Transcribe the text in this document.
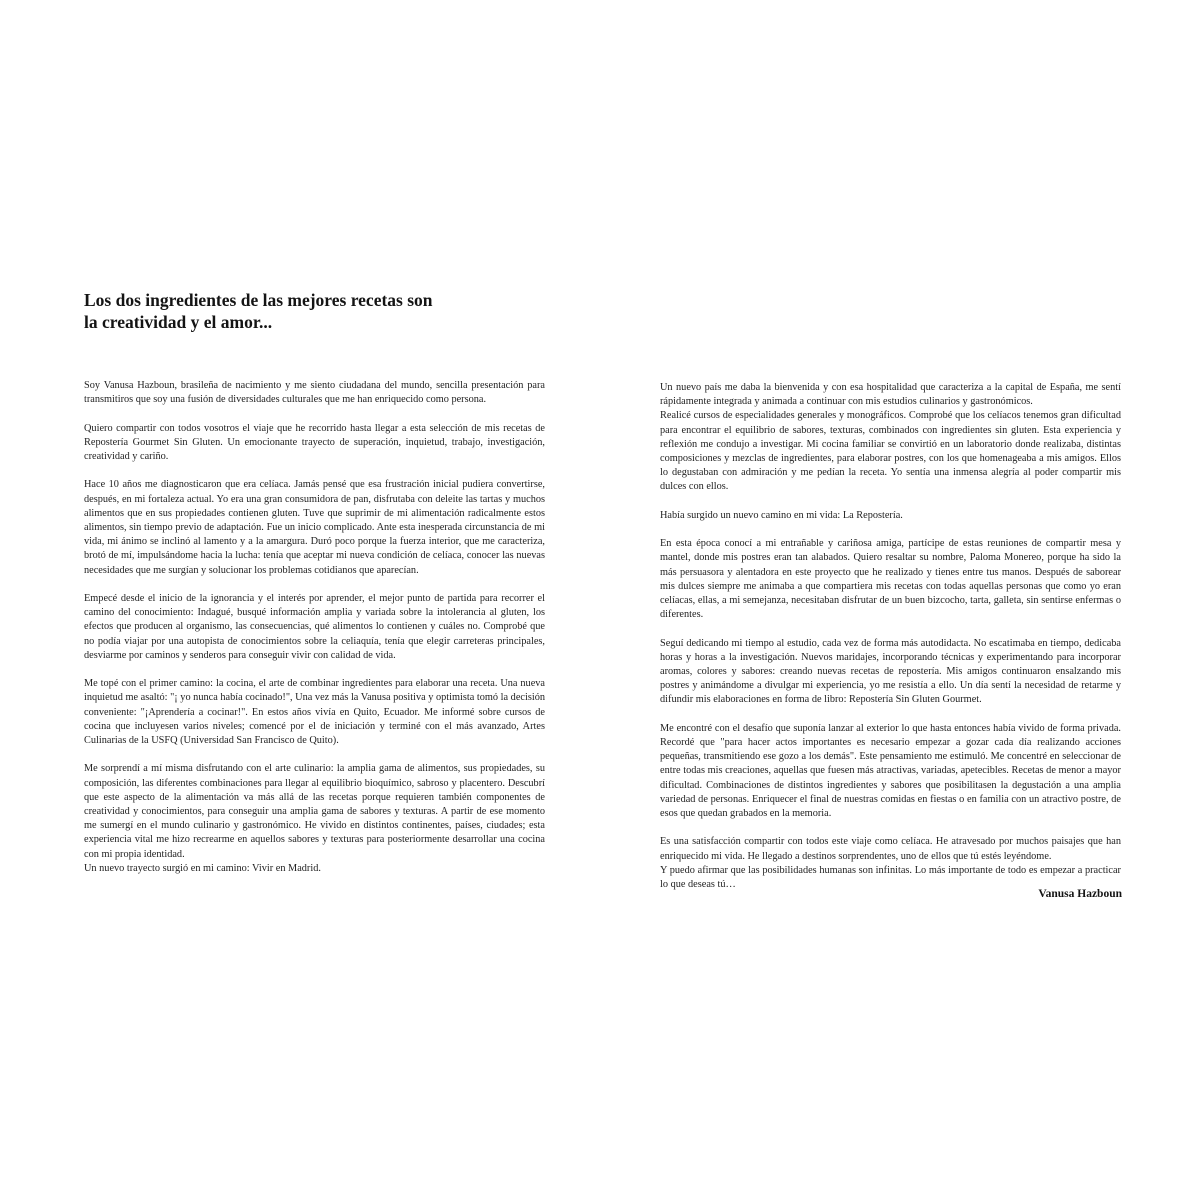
Los dos ingredientes de las mejores recetas son
la creatividad y el amor...

Soy Vanusa Hazboun, brasileña de nacimiento y me siento ciudadana del mundo, sencilla presentación para transmitiros que soy una fusión de diversidades culturales que me han enriquecido como persona.

Quiero compartir con todos vosotros el viaje que he recorrido hasta llegar a esta selección de mis recetas de Repostería Gourmet Sin Gluten. Un emocionante trayecto de superación, inquietud, trabajo, investigación, creatividad y cariño.

Hace 10 años me diagnosticaron que era celíaca. Jamás pensé que esa frustración inicial pudiera convertirse, después, en mi fortaleza actual. Yo era una gran consumidora de pan, disfrutaba con deleite las tartas y muchos alimentos que en sus propiedades contienen gluten. Tuve que suprimir de mi alimentación radicalmente estos alimentos, sin tiempo previo de adaptación. Fue un inicio complicado. Ante esta inesperada circunstancia de mi vida, mi ánimo se inclinó al lamento y a la amargura. Duró poco porque la fuerza interior, que me caracteriza, brotó de mí, impulsándome hacia la lucha: tenía que aceptar mi nueva condición de celíaca, conocer las nuevas necesidades que me surgían y solucionar los problemas cotidianos que aparecían.

Empecé desde el inicio de la ignorancia y el interés por aprender, el mejor punto de partida para recorrer el camino del conocimiento: Indagué, busqué información amplia y variada sobre la intolerancia al gluten, los efectos que producen al organismo, las consecuencias, qué alimentos lo contienen y cuáles no. Comprobé que no podía viajar por una autopista de conocimientos sobre la celiaquía, tenía que elegir carreteras principales, desviarme por caminos y senderos para conseguir vivir con calidad de vida.

Me topé con el primer camino: la cocina, el arte de combinar ingredientes para elaborar una receta. Una nueva inquietud me asaltó: "¡ yo nunca había cocinado!", Una vez más la Vanusa positiva y optimista tomó la decisión conveniente: "¡Aprendería a cocinar!". En estos años vivía en Quito, Ecuador. Me informé sobre cursos de cocina que incluyesen varios niveles; comencé por el de iniciación y terminé con el más avanzado, Artes Culinarias de la USFQ (Universidad San Francisco de Quito).

Me sorprendí a mí misma disfrutando con el arte culinario: la amplia gama de alimentos, sus propiedades, su composición, las diferentes combinaciones para llegar al equilibrio bioquímico, sabroso y placentero. Descubrí que este aspecto de la alimentación va más allá de las recetas porque requieren también componentes de creatividad y conocimientos, para conseguir una amplia gama de sabores y texturas. A partir de ese momento me sumergí en el mundo culinario y gastronómico. He vivido en distintos continentes, países, ciudades; esta experiencia vital me hizo recrearme en aquellos sabores y texturas para posteriormente desarrollar una cocina con mi propia identidad.

Un nuevo trayecto surgió en mi camino: Vivir en Madrid.

Un nuevo país me daba la bienvenida y con esa hospitalidad que caracteriza a la capital de España, me sentí rápidamente integrada y animada a continuar con mis estudios culinarios y gastronómicos.

Realicé cursos de especialidades generales y monográficos. Comprobé que los celíacos tenemos gran dificultad para encontrar el equilibrio de sabores, texturas, combinados con ingredientes sin gluten. Esta experiencia y reflexión me condujo a investigar. Mi cocina familiar se convirtió en un laboratorio donde realizaba, distintas composiciones y mezclas de ingredientes, para elaborar postres, con los que homenageaba a mis amigos. Ellos lo degustaban con admiración y me pedían la receta. Yo sentía una inmensa alegría al poder compartir mis dulces con ellos.

Había surgido un nuevo camino en mi vida: La Repostería.

En esta época conocí a mi entrañable y cariñosa amiga, partícipe de estas reuniones de compartir mesa y mantel, donde mis postres eran tan alabados. Quiero resaltar su nombre, Paloma Monereo, porque ha sido la más persuasora y alentadora en este proyecto que he realizado y tienes entre tus manos. Después de saborear mis dulces siempre me animaba a que compartiera mis recetas con todas aquellas personas que como yo eran celíacas, ellas, a mi semejanza, necesitaban disfrutar de un buen bizcocho, tarta, galleta, sin sentirse enfermas o diferentes.

Seguí dedicando mi tiempo al estudio, cada vez de forma más autodidacta. No escatimaba en tiempo, dedicaba horas y horas a la investigación. Nuevos maridajes, incorporando técnicas y experimentando para incorporar aromas, colores y sabores: creando nuevas recetas de repostería. Mis amigos continuaron ensalzando mis postres y animándome a divulgar mi experiencia, yo me resistía a ello. Un día sentí la necesidad de retarme y difundir mis elaboraciones en forma de libro: Repostería Sin Gluten Gourmet.

Me encontré con el desafío que suponía lanzar al exterior lo que hasta entonces había vivido de forma privada. Recordé que "para hacer actos importantes es necesario empezar a gozar cada día realizando acciones pequeñas, transmitiendo ese gozo a los demás". Este pensamiento me estimuló. Me concentré en seleccionar de entre todas mis creaciones, aquellas que fuesen más atractivas, variadas, apetecibles. Recetas de menor a mayor dificultad. Combinaciones de distintos ingredientes y sabores que posibilitasen la degustación a una amplia variedad de personas. Enriquecer el final de nuestras comidas en fiestas o en familia con un atractivo postre, de esos que quedan grabados en la memoria.

Es una satisfacción compartir con todos este viaje como celíaca. He atravesado por muchos paisajes que han enriquecido mi vida. He llegado a destinos sorprendentes, uno de ellos que tú estés leyéndome.

Y puedo afirmar que las posibilidades humanas son infinitas. Lo más importante de todo es empezar a practicar lo que deseas tú…

Vanusa Hazboun
